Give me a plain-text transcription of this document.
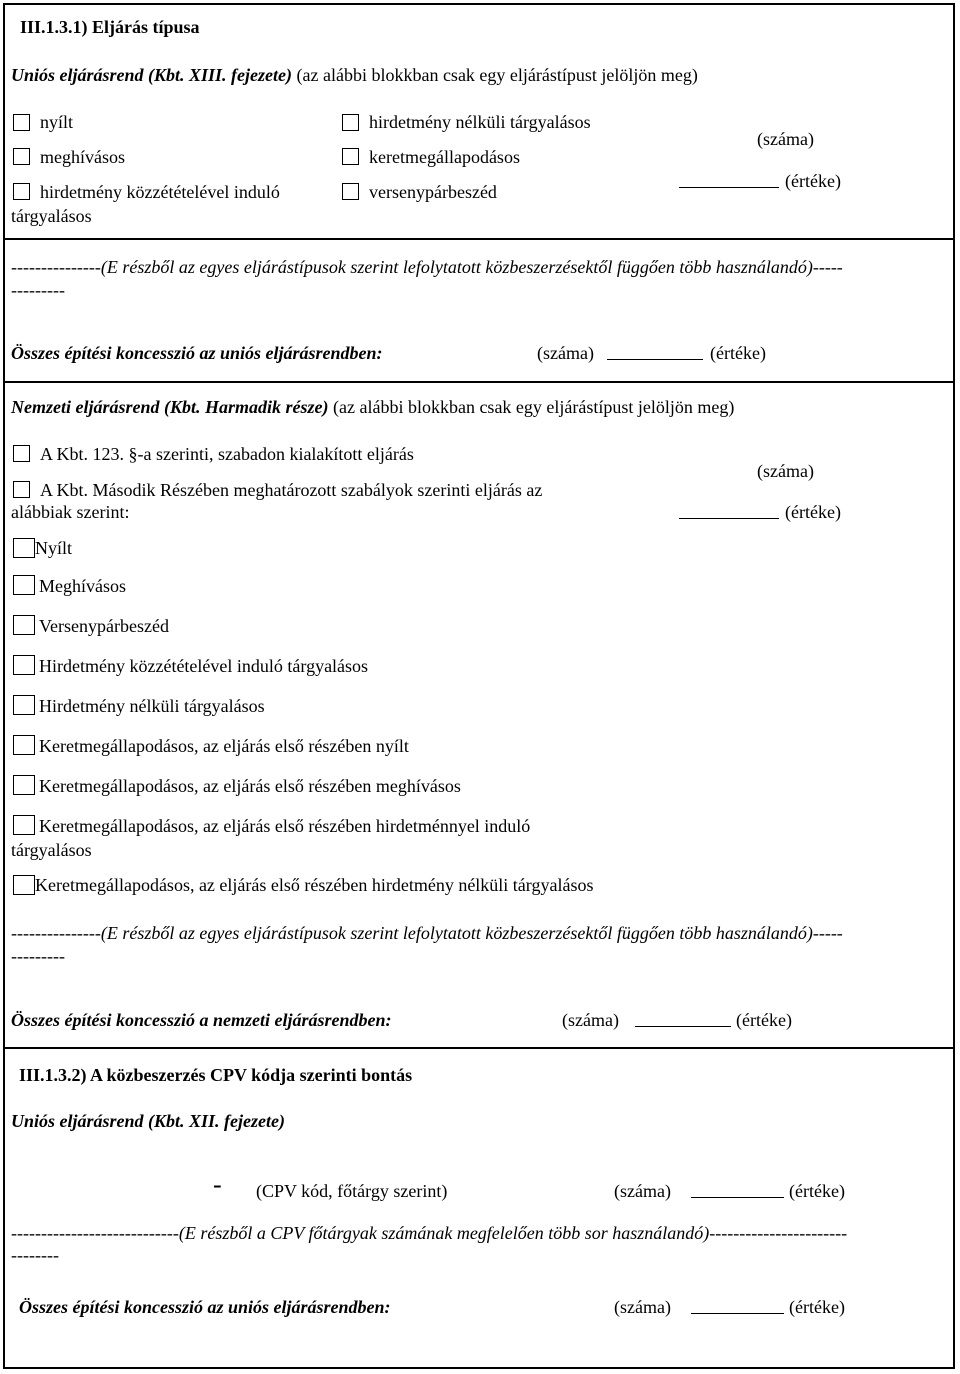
III.1.3.1) Eljárás típusa
Uniós eljárásrend (Kbt. XIII. fejezete) (az alábbi blokkban csak egy eljárástípust jelöljön meg)
nyílt
meghívásos
hirdetmény közzétételével induló
tárgyalásos
hirdetmény nélküli tárgyalásos
keretmegállapodásos
versenypárbeszéd
(száma)
(értéke)
---------------(E részből az egyes eljárástípusok szerint lefolytatott közbeszerzésektől függően több használandó)-----
---------
Összes építési koncesszió az uniós eljárásrendben:	(száma)	(értéke)
Nemzeti eljárásrend (Kbt. Harmadik része) (az alábbi blokkban csak egy eljárástípust jelöljön meg)
A Kbt. 123. §-a szerinti, szabadon kialakított eljárás
A Kbt. Második Részében meghatározott szabályok szerinti eljárás az
alábbiak szerint:
(száma)
(értéke)
Nyílt
Meghívásos
Versenypárbeszéd
Hirdetmény közzétételével induló tárgyalásos
Hirdetmény nélküli tárgyalásos
Keretmegállapodásos, az eljárás első részében nyílt
Keretmegállapodásos, az eljárás első részében meghívásos
Keretmegállapodásos, az eljárás első részében hirdetménnyel induló
tárgyalásos
Keretmegállapodásos, az eljárás első részében hirdetmény nélküli tárgyalásos
---------------(E részből az egyes eljárástípusok szerint lefolytatott közbeszerzésektől függően több használandó)-----
---------
Összes építési koncesszió a nemzeti eljárásrendben:	(száma)	(értéke)
III.1.3.2) A közbeszerzés CPV kódja szerinti bontás
Uniós eljárásrend (Kbt. XII. fejezete)
- (CPV kód, főtárgy szerint)	(száma)	(értéke)
----------------------------(E részből a CPV főtárgyak számának megfelelően több sor használandó)-----------------------
--------
Összes építési koncesszió az uniós eljárásrendben:	(száma)	(értéke)
